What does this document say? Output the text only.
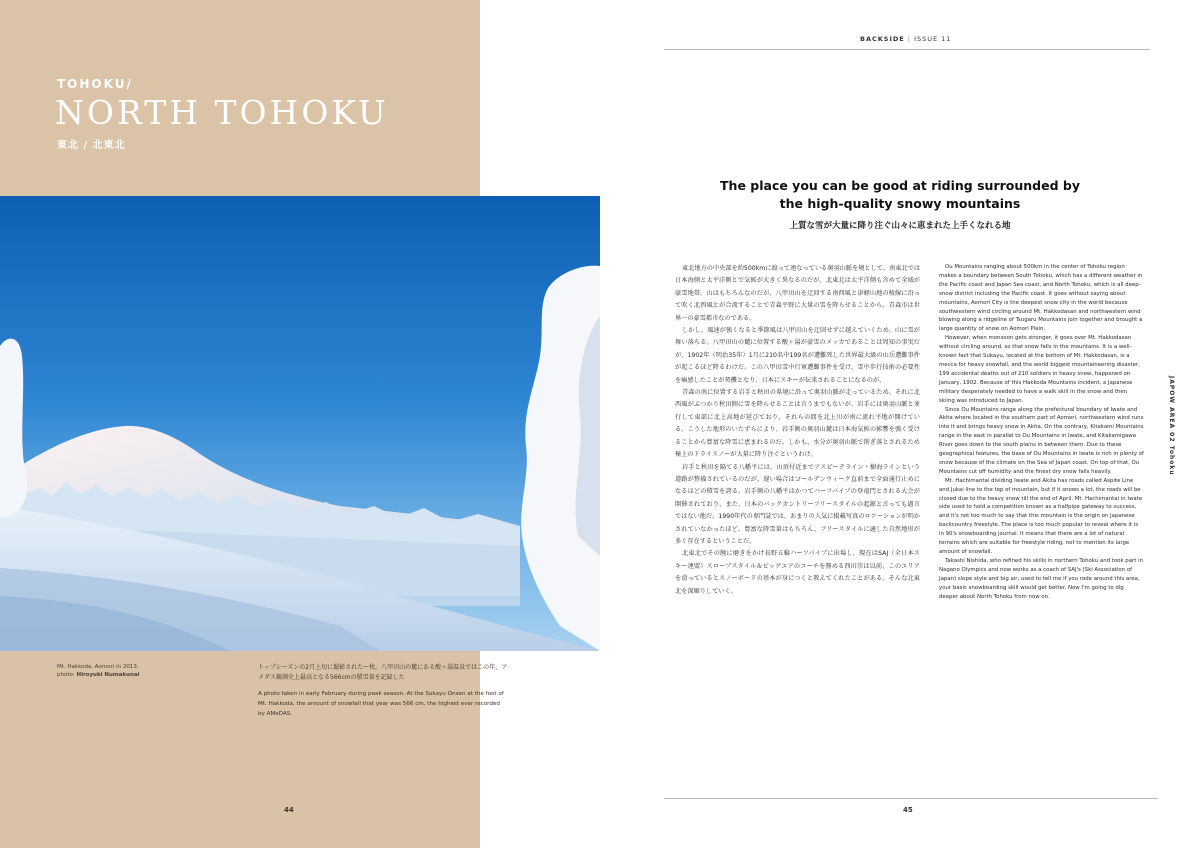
TOHOKU/
NORTH TOHOKU
東北 / 北東北
Mt. Hakkoda, Aomori in 2013.
photo: Hiroyuki Numakunai
トップシーズンの2月上旬に撮影されたー枚。八甲田山の麓にある酸ヶ湯温泉ではこの年、アメダス観測史上最高となる566cmの積雪量を記録した
A photo taken in early February during peak season. At the Sukayu Onsen at the foot of Mt. Hakkoda, the amount of snowfall that year was 566 cm, the highest ever recorded by AMeDAS.
44
BACKSIDE | ISSUE 11
The place you can be good at riding surrounded by
the high-quality snowy mountains
上質な雪が大量に降り注ぐ山々に恵まれた上手くなれる地

東北地方の中央部を約500kmに渡って連なっている奥羽山脈を境として、南東北では日本海側と太平洋側とで気候が大きく異なるのだが、北東北は太平洋側も含めて全域が豪雪地帯。山はもちろんなのだが、八甲田山を迂回する南西風と津軽山地の稜線に沿って吹く北西風とが合流することで青森平野に大量の雪を降らせることから、青森市は世界一の豪雪都市なのである。

しかし、風速が強くなると季節風は八甲田山を迂回せずに越えていくため、山に雪が舞い落ちる。八甲田山の麓に位置する酸ヶ湯が豪雪のメッカであることは周知の事実だが、1902年（明治35年）1月に210名中199名が遭難死した世界最大級の山岳遭難事件が起こるほど降るわけだ。この八甲田雪中行軍遭難事件を受け、雪中歩行技術の必要性を痛感したことが契機となり、日本にスキーが伝来されることになるのが、

青森の南に位置する岩手と秋田の県境に沿って奥羽山脈が走っているため、それに北西風がぶつかり秋田側に雪を降らせることは言うまでもないが、岩手には奥羽山脈と並行して東部に北上高地が延びており、それらの間を北上川が南に流れ平地が開けている。こうした地形のいたずらにより、岩手側の奥羽山麓は日本海気候の影響を強く受けることから豊富な降雪に恵まれるのだ。しかも、水分が奥羽山脈で削ぎ落とされるため極上のドライスノーが大量に降り注ぐというわけ。

岩手と秋田を隔てる八幡平には、山頂付近までアスピーテライン・樹海ラインという道路が整備されているのだが、遅い場合はゴールデンウィーク直前まで全面通行止めになるほどの積雪を誇る。岩手側の八幡平はかつてハーフパイプの登竜門とされる大会が開催されており、また、日本のバックカントリーフリースタイルの起源と言っても過言ではない地だ。1990年代の専門誌では、あまりの人気に掲載写真のロケーションが明かされていなかったほど。豊富な降雪量はもちろん、フリースタイルに適した自然地形が多く存在するということだ。

北東北でその腕に磨きをかけ長野五輪ハーフパイプに出場し、現在はSAJ（全日本スキー連盟）スロープスタイル＆ビッグエアのコーチを務める西田崇は以前、このエリアを滑っているとスノーボードの基本が身につくと教えてくれたことがある。そんな北東北を深堀りしていく。

Ou Mountains ranging about 500km in the center of Tohoku region makes a boundary between South Tohoku, which has a different weather in the Pacific coast and Japan Sea coast, and North Tohoku, which is all deep-snow district including the Pacific coast. It goes without saying about mountains, Aomori City is the deepest snow city in the world because southwestern wind circling around Mt. Hakkodasan and northwestern wind blowing along a ridgeline of Tsugaru Mountains join together and brought a large quantity of snow on Aomori Plain.

However, when monsoon gets stronger, it goes over Mt. Hakkodasan without circling around, so that snow falls in the mountains. It is a well-known fact that Sukayu, located at the bottom of Mt. Hakkodasan, is a mecca for heavy snowfall, and the world biggest mountaineering disaster, 199 accidental deaths out of 210 soldiers in heavy snow, happened on January, 1902. Because of this Hakkoda Mountains incident, a Japanese military desperately needed to have a walk skill in the snow and then skiing was introduced to Japan.

Since Ou Mountains range along the prefectural boundary of Iwate and Akita where located in the southern part of Aomori, northwestern wind runs into it and brings heavy snow in Akita. On the contrary, Kitakami Mountains range in the east in parallel to Ou Mountains in Iwate, and Kitakamigawa River goes down to the south plains in between them. Due to these geographical features, the base of Ou Mountains in Iwate is rich in plenty of snow because of the climate on the Sea of Japan coast. On top of that, Ou Mountains cut off humidity and the finest dry snow falls heavily.

Mt. Hachimantai dividing Iwate and Akita has roads called Aspite Line and Jukai line to the top of mountain, but if it snows a lot, the roads will be closed due to the heavy snow till the end of April. Mt. Hachimantai in Iwate side used to hold a competition known as a halfpipe gateway to success, and it's not too much to say that this mountain is the origin on Japanese backcountry freestyle. The place is too much popular to reveal where it is in 90's snowboarding journal. It means that there are a lot of natural terrains which are suitable for freestyle riding, not to mention its large amount of snowfall.

Takashi Nishida, who refined his skills in northern Tohoku and took part in Nagano Olympics and now works as a coach of SAJ's (Ski Association of Japan) slope style and big air, used to tell me if you rode around this area, your basic snowboarding skill would get better. Now I'm going to dig deeper about North Tohoku from now on.

JAPOW AREA 02 Tohoku
45
